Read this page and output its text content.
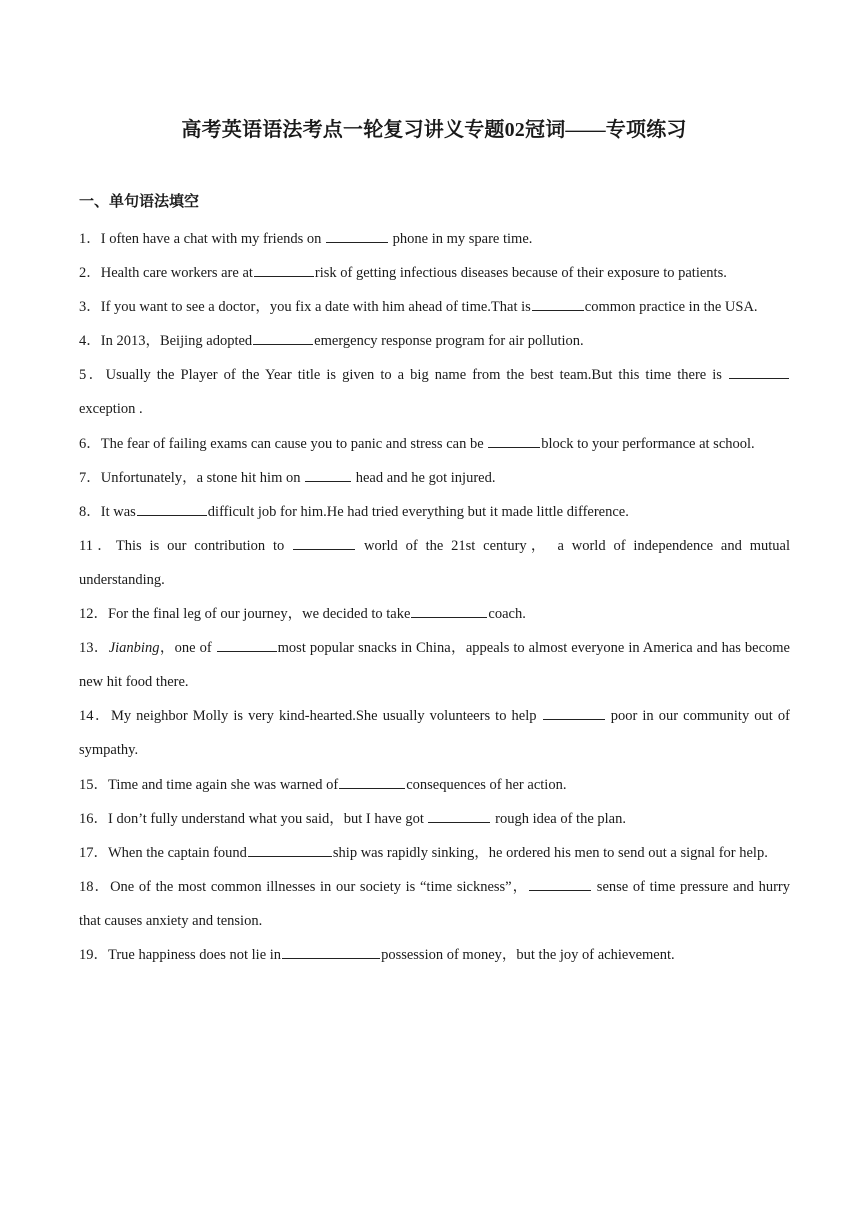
高考英语语法考点一轮复习讲义专题02冠词——专项练习
一、单句语法填空
1．I often have a chat with my friends on	phone in my spare time.
2．Health care workers are at	risk of getting infectious diseases because of their exposure to patients.
3．If you want to see a doctor，you fix a date with him ahead of time.That is	common practice in the USA.
4．In 2013，Beijing adopted	emergency response program for air pollution.
5．Usually the Player of the Year title is given to a big name from the best team.But this time there is exception .
6．The fear of failing exams can cause you to panic and stress can be	block to your performance at school.
7．Unfortunately，a stone hit him on	head and he got injured.
8．It was	difficult job for him.He had tried everything but it made little difference.
11．This is our contribution to	world of the 21st century， a world of independence and mutual understanding.
12．For the final leg of our journey，we decided to take	coach.
13．Jianbing，one of	most popular snacks in China，appeals to almost everyone in America and has become new hit food there.
14．My neighbor Molly is very kind-hearted.She usually volunteers to help	poor in our community out of sympathy.
15．Time and time again she was warned of	consequences of her action.
16．I don’t fully understand what you said，but I have got	rough idea of the plan.
17．When the captain found	ship was rapidly sinking，he ordered his men to send out a signal for help.
18．One of the most common illnesses in our society is “time sickness”，	sense of time pressure and hurry that causes anxiety and tension.
19．True happiness does not lie in	possession of money，but the joy of achievement.
